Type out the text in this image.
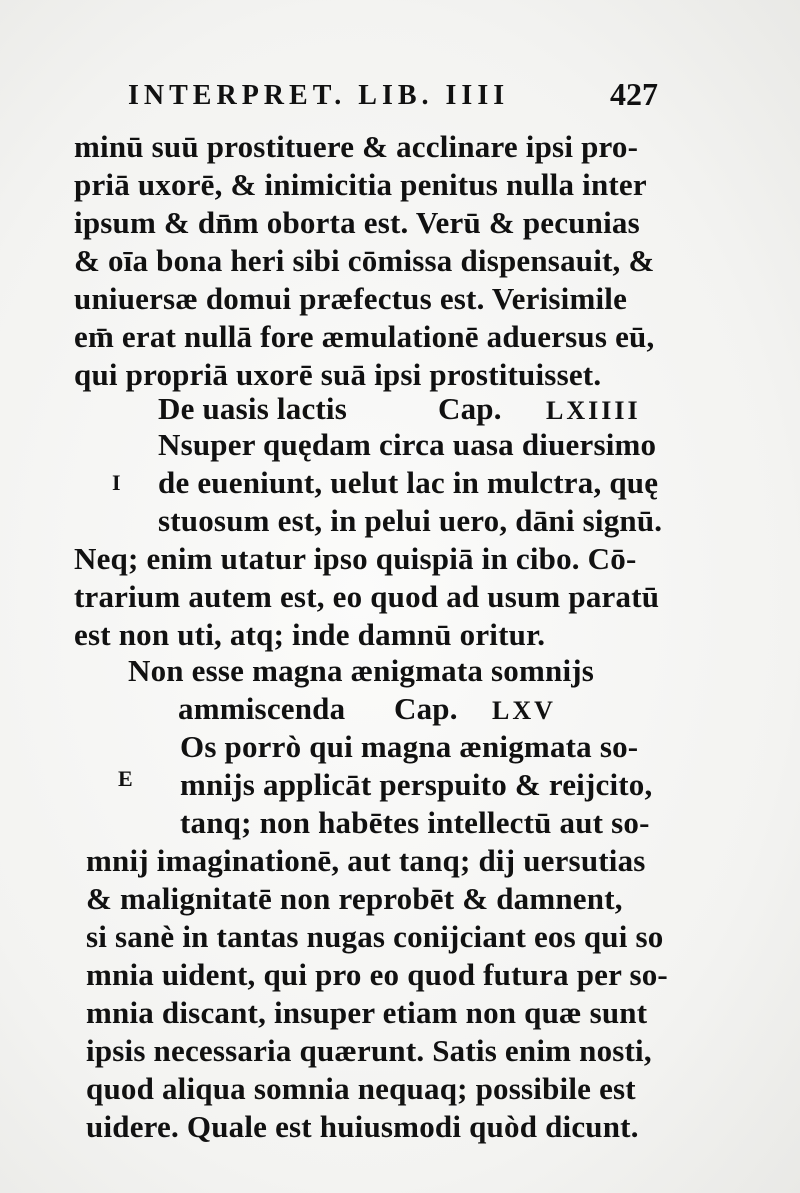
INTERPRET. LIB. IIII	427
minū suū prostituere & acclinare ipsi pro-
priā uxorē, & inimicitia penitus nulla inter
ipsum & dn̄m oborta est. Verū & pecunias
& oīa bona heri sibi cōmissa dispensauit, &
uniuersæ domui præfectus est. Verisimile
em̄ erat nullā fore æmulationē aduersus eū,
qui propriā uxorē suā ipsi prostituisset.
De uasis lactis	Cap. LXIIII
I
Nsuper quędam circa uasa diuersimo
de eueniunt, uelut lac in mulctra, quę
stuosum est, in pelui uero, dāni signū.
Neq; enim utatur ipso quispiā in cibo. Cō-
trarium autem est, eo quod ad usum paratū
est non uti, atq; inde damnū oritur.
Non esse magna ænigmata somnijs
ammiscenda Cap. LXV
E
Os porrò qui magna ænigmata so-
mnijs applicāt perspuito & reijcito,
tanq; non habētes intellectū aut so-
mnij imaginationē, aut tanq; dij uersutias
& malignitatē non reprobēt & damnent,
si sanè in tantas nugas conijciant eos qui so
mnia uident, qui pro eo quod futura per so-
mnia discant, insuper etiam non quæ sunt
ipsis necessaria quærunt. Satis enim nosti,
quod aliqua somnia nequaq; possibile est
uidere. Quale est huiusmodi quòd dicunt.
